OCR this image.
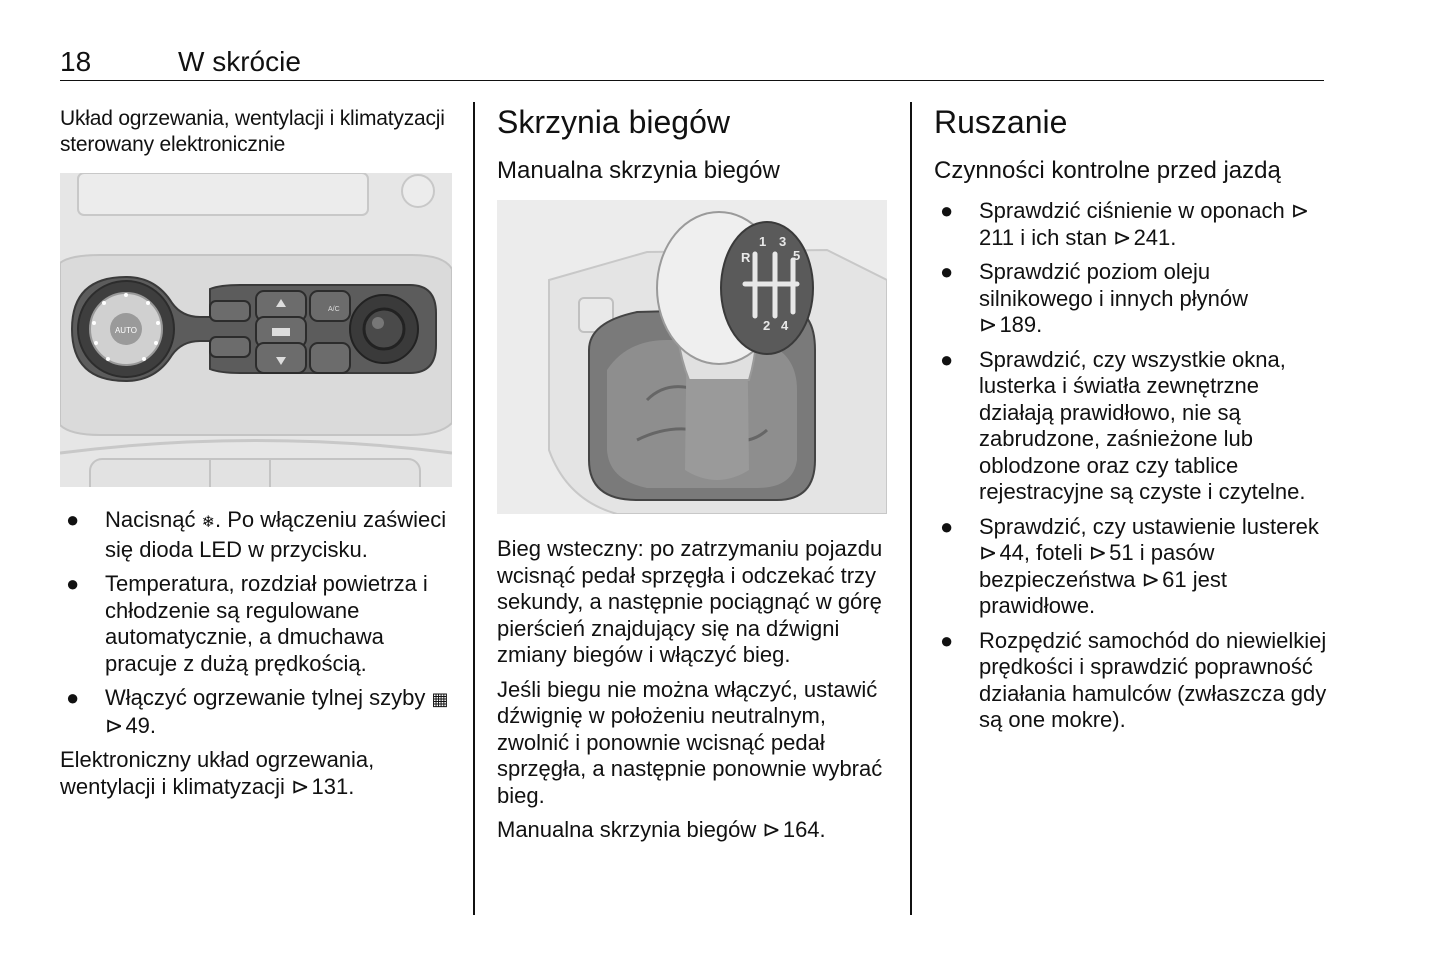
18	W skrócie
Układ ogrzewania, wentylacji i klimatyzacji sterowany elektronicznie
AUTO
A/C
● Nacisnąć ❄. Po włączeniu zaświeci się dioda LED w przycisku.
● Temperatura, rozdział powietrza i chłodzenie są regulowane automatycznie, a dmuchawa pracuje z dużą prędkością.
● Włączyć ogrzewanie tylnej szyby ▦ ⊳49.

Elektroniczny układ ogrzewania, wentylacji i klimatyzacji ⊳131.

Skrzynia biegów
Manualna skrzynia biegów
R
1 3
5
2 4

Bieg wsteczny: po zatrzymaniu pojazdu wcisnąć pedał sprzęgła i odczekać trzy sekundy, a następnie pociągnąć w górę pierścień znajdujący się na dźwigni zmiany biegów i włączyć bieg.

Jeśli biegu nie można włączyć, ustawić dźwignię w położeniu neutralnym, zwolnić i ponownie wcisnąć pedał sprzęgła, a następnie ponownie wybrać bieg.

Manualna skrzynia biegów ⊳164.

Ruszanie
Czynności kontrolne przed jazdą
● Sprawdzić ciśnienie w oponach ⊳211 i ich stan ⊳241.
● Sprawdzić poziom oleju silnikowego i innych płynów
⊳189.
● Sprawdzić, czy wszystkie okna, lusterka i światła zewnętrzne działają prawidłowo, nie są zabrudzone, zaśnieżone lub oblodzone oraz czy tablice rejestracyjne są czyste i czytelne.
● Sprawdzić, czy ustawienie lusterek ⊳44, foteli ⊳51 i pasów bezpieczeństwa ⊳61 jest prawidłowe.
● Rozpędzić samochód do niewielkiej prędkości i sprawdzić poprawność działania hamulców (zwłaszcza gdy są one mokre).
